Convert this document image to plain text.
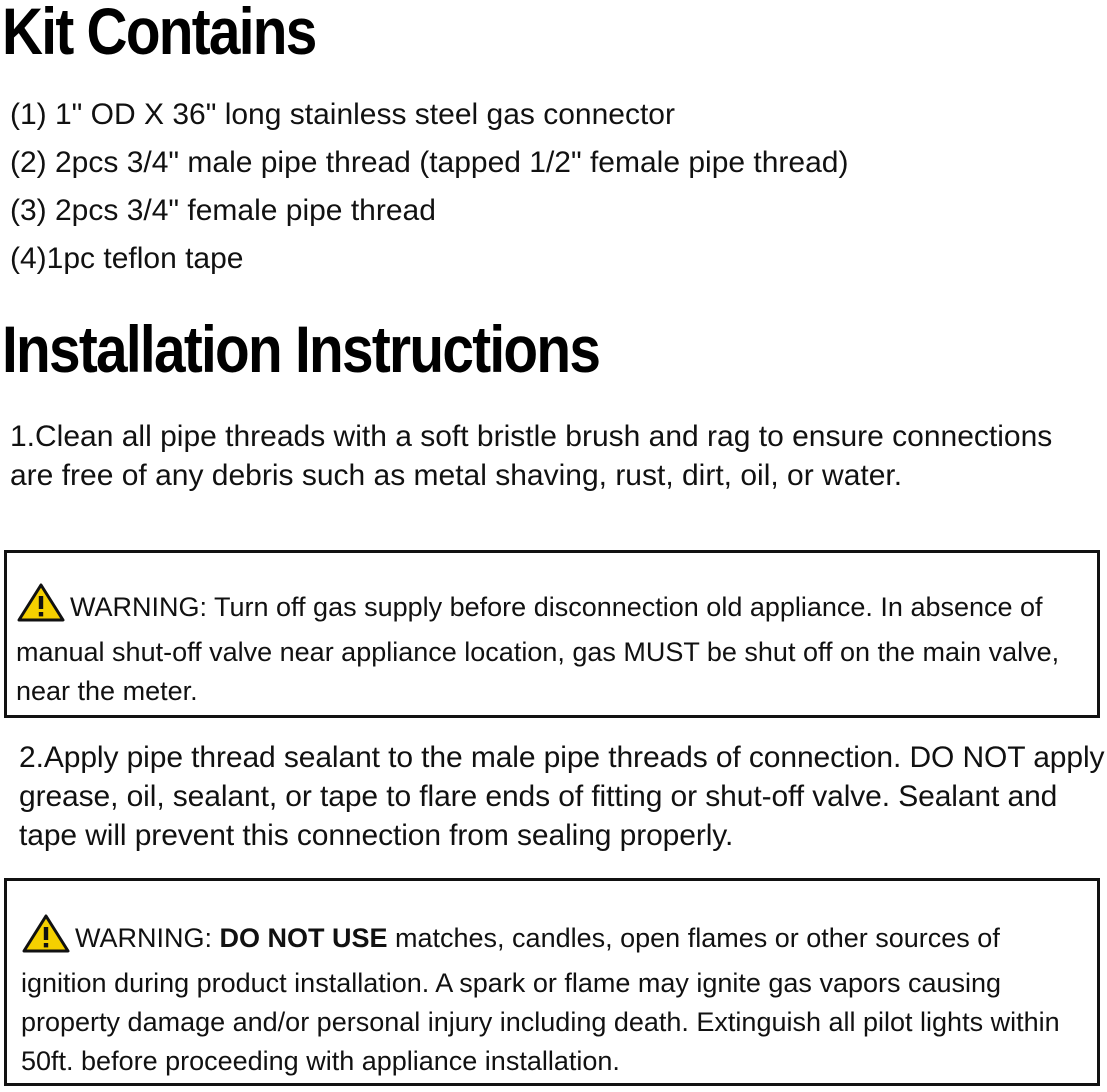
Kit Contains
(1) 1" OD X 36" long stainless steel gas connector
(2) 2pcs 3/4" male pipe thread (tapped 1/2" female pipe thread)
(3) 2pcs 3/4" female pipe thread
(4)1pc teflon tape
Installation Instructions

1.Clean all pipe threads with a soft bristle brush and rag to ensure connections are free of any debris such as metal shaving, rust, dirt, oil, or water.

WARNING: Turn off gas supply before disconnection old appliance. In absence of manual shut-off valve near appliance location, gas MUST be shut off on the main valve, near the meter.

2.Apply pipe thread sealant to the male pipe threads of connection. DO NOT apply grease, oil, sealant, or tape to flare ends of fitting or shut-off valve. Sealant and tape will prevent this connection from sealing properly.

WARNING: DO NOT USE matches, candles, open flames or other sources of ignition during product installation. A spark or flame may ignite gas vapors causing property damage and/or personal injury including death. Extinguish all pilot lights within 50ft. before proceeding with appliance installation.
